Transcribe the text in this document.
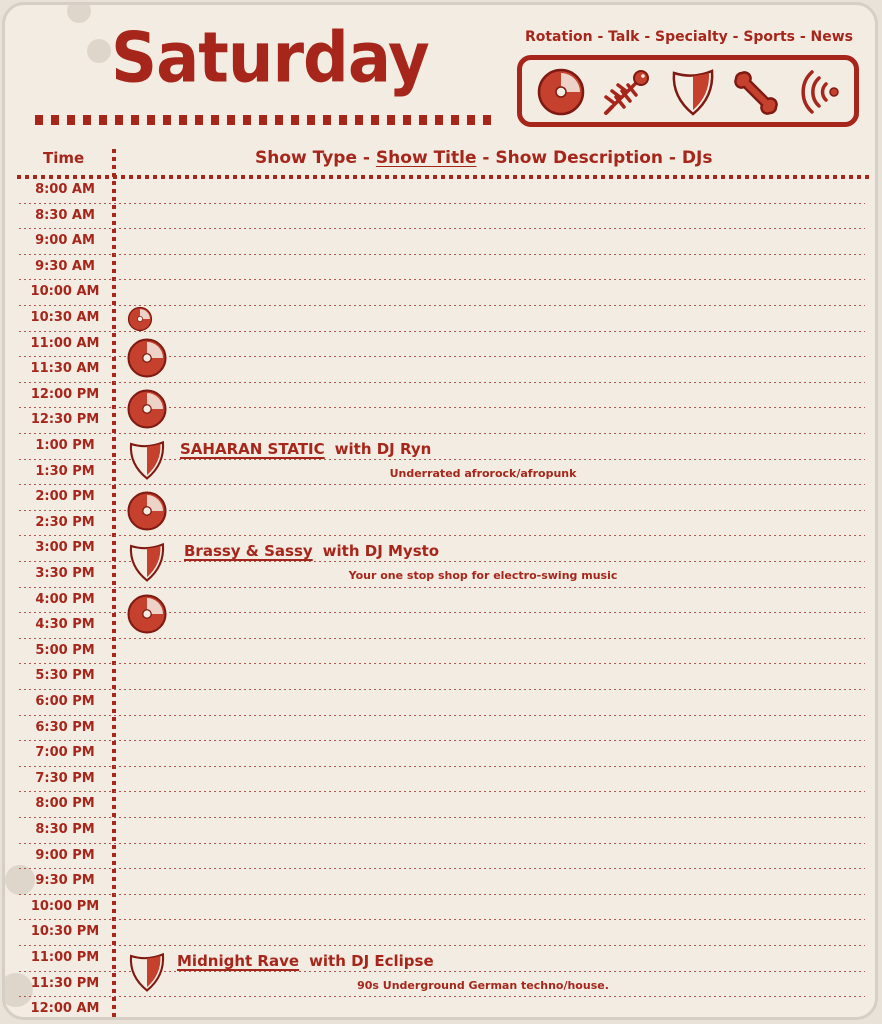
Saturday	Rotation - Talk - Specialty - Sports - News
Time	Show Type - Show Title - Show Description - DJs
8:00 AM
8:30 AM
9:00 AM
9:30 AM
10:00 AM
10:30 AM
11:00 AM
11:30 AM
12:00 PM
12:30 PM
1:00 PM
1:30 PM
2:00 PM
2:30 PM
3:00 PM
3:30 PM
4:00 PM
4:30 PM
5:00 PM
5:30 PM
6:00 PM
6:30 PM
7:00 PM
7:30 PM
8:00 PM
8:30 PM
9:00 PM
9:30 PM
10:00 PM
10:30 PM
11:00 PM
11:30 PM
12:00 AM
SAHARAN STATIC with DJ Ryn
Underrated afrorock/afropunk
Brassy & Sassy with DJ Mysto
Your one stop shop for electro-swing music
Midnight Rave with DJ Eclipse
90s Underground German techno/house.
